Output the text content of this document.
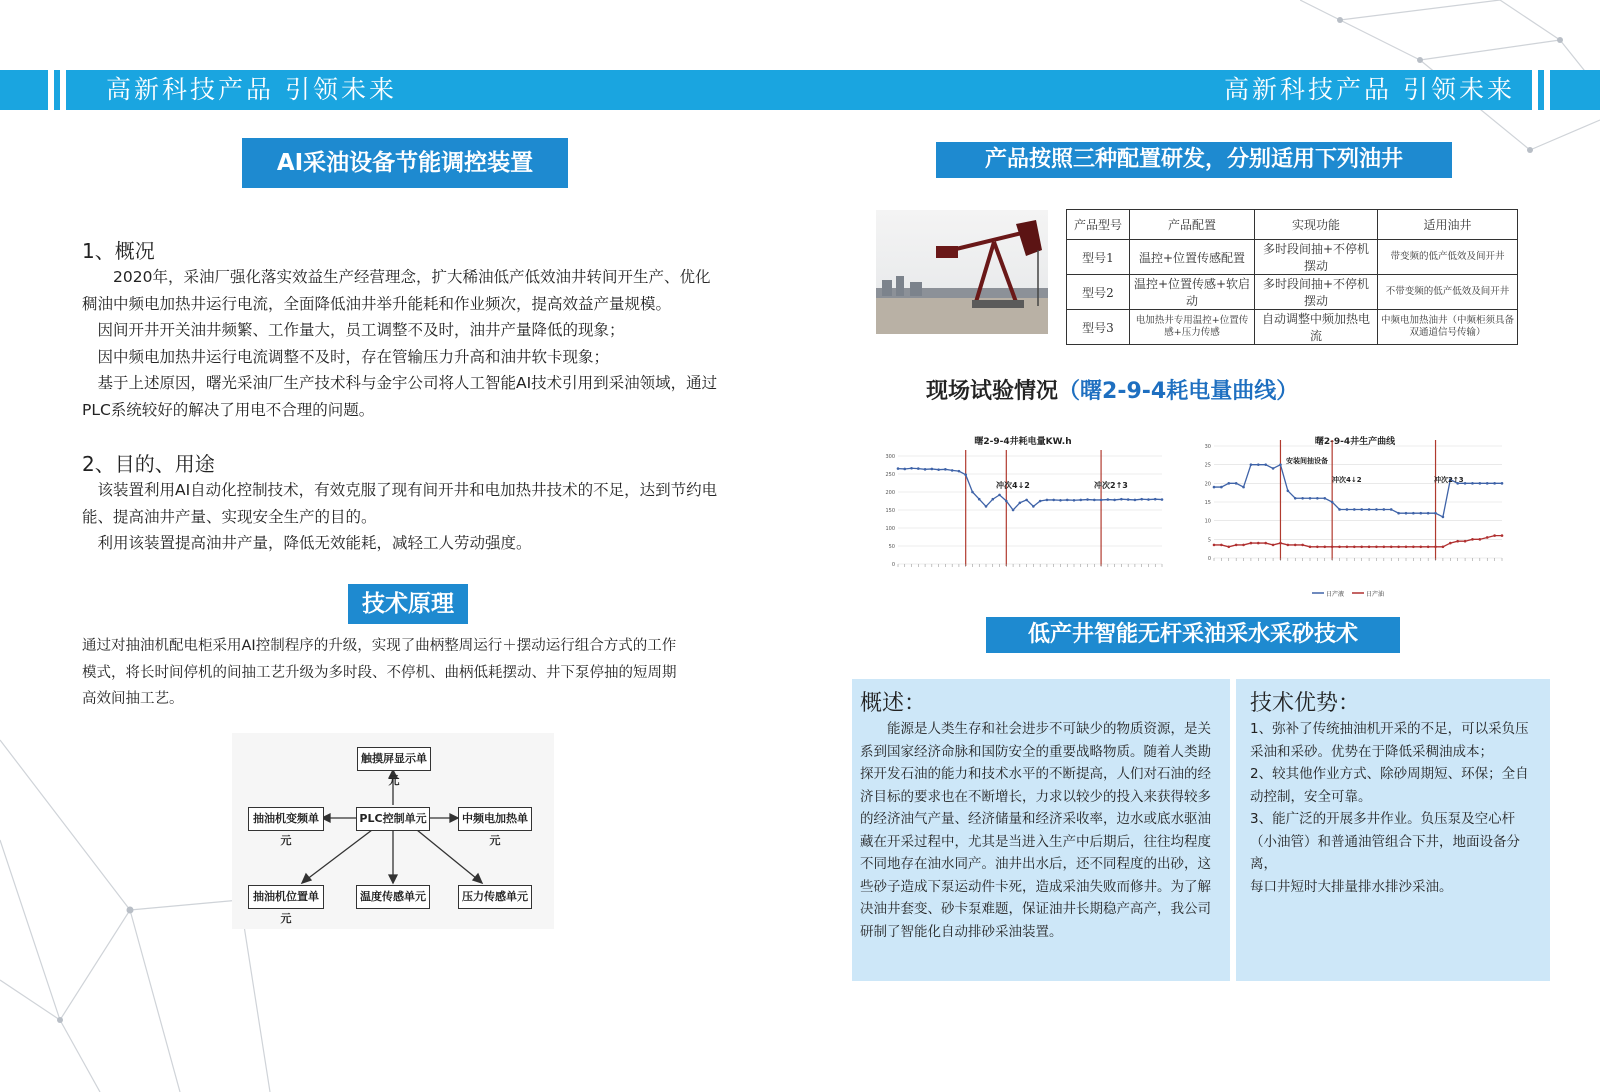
高新科技产品 引领未来	高新科技产品 引领未来
AI采油设备节能调控装置
1、概况

2020年，采油厂强化落实效益生产经营理念，扩大稀油低产低效油井转间开生产、优化稠油中频电加热井运行电流，全面降低油井举升能耗和作业频次，提高效益产量规模。

因间开井开关油井频繁、工作量大，员工调整不及时，油井产量降低的现象；

因中频电加热井运行电流调整不及时，存在管输压力升高和油井软卡现象；

基于上述原因，曙光采油厂生产技术科与金宇公司将人工智能AI技术引用到采油领域，通过PLC系统较好的解决了用电不合理的问题。

2、目的、用途

该装置利用AI自动化控制技术，有效克服了现有间开井和电加热井技术的不足，达到节约电能、提高油井产量、实现安全生产的目的。

利用该装置提高油井产量，降低无效能耗，减轻工人劳动强度。

技术原理
通过对抽油机配电柜采用AI控制程序的升级，实现了曲柄整周运行＋摆动运行组合方式的工作模式，将长时间停机的间抽工艺升级为多时段、不停机、曲柄低耗摆动、井下泵停抽的短周期高效间抽工艺。
触摸屏显示单元
PLC控制单元
抽油机变频单元
中频电加热单元
抽油机位置单元
温度传感单元	压力传感单元
产品按照三种配置研发，分别适用下列油井
产品型号	产品配置	实现功能	适用油井
型号1	温控+位置传感配置	多时段间抽+不停机摆动	带变频的低产低效及间开井
型号2	温控+位置传感+软启动	多时段间抽+不停机摆动	不带变频的低产低效及间开井
型号3	电加热井专用温控+位置传感+压力传感	自动调整中频加热电流	中频电加热油井（中频柜须具备双通道信号传输）
现场试验情况（曙2-9-4耗电量曲线）
曙2-9-4井耗电量KW.h
0
50
100
150
200
250
300
冲次4↓2	冲次2↑3
曙2-9-4井生产曲线
0
5
10
15
20
25
30
安装间抽设备
冲次4↓2	冲次2↑3
日产液	日产油
低产井智能无杆采油采水采砂技术
概述：
能源是人类生存和社会进步不可缺少的物质资源，是关系到国家经济命脉和国防安全的重要战略物质。随着人类勘探开发石油的能力和技术水平的不断提高，人们对石油的经济目标的要求也在不断增长，力求以较少的投入来获得较多的经济油气产量、经济储量和经济采收率，边水或底水驱油藏在开采过程中，尤其是当进入生产中后期后，往往均程度不同地存在油水同产。油井出水后，还不同程度的出砂，这些砂子造成下泵运动件卡死，造成采油失败而修井。为了解决油井套变、砂卡泵难题，保证油井长期稳产高产，我公司研制了智能化自动排砂采油装置。
技术优势：

1、弥补了传统抽油机开采的不足，可以采负压采油和采砂。优势在于降低采稠油成本；

2、较其他作业方式、除砂周期短、环保；全自动控制，安全可靠。

3、能广泛的开展多井作业。负压泵及空心杆（小油管）和普通油管组合下井，地面设备分离，

每口井短时大排量排水排沙采油。
